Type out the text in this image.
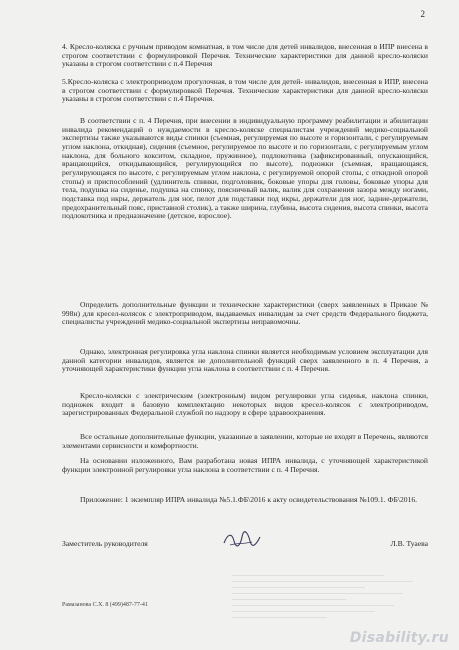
2
4. Кресло-коляска с ручным приводом комнатная, в том числе для детей инвалидов, внесенная в ИПР внесена в строгом соответствии с формулировкой Перечня. Технические характеристики для данной кресло-коляски указаны в строгом соответствии с п.4 Перечня
5.Кресло-коляска с электроприводом прогулочная, в том числе для детей- инвалидов, внесенная в ИПР, внесена в строгом соответствии с формулировкой Перечня. Технические характеристики для данной кресло-коляски указаны в строгом соответствии с п.4 Перечня.
В соответствии с п. 4 Перечня, при внесении в индивидуальную программу реабилитации и абилитации инвалида рекомендаций о нуждаемости в кресло-коляске специалистам учреждений медико-социальной экспертизы также указываются виды спинки (съемная, регулируемая по высоте и горизонтали, с регулируемым углом наклона, откидная), сидения (съемное, регулируемое по высоте и по горизонтали, с регулируемым углом наклона, для больного кокситом, складное, пружинное), подлокотника (зафиксированный, опускающийся, вращающийся, откидывающийся, регулирующийся по высоте), подножки (съемная, вращающаяся, регулирующаяся по высоте, с регулируемым углом наклона, с регулируемой опорой стопы, с откидной опорой стопы) и приспособлений (удлинитель спинки, подголовник, боковые упоры для головы, боковые упоры для тела, подушка на сиденье, подушка на спинку, поясничный валик, валик для сохранения зазора между ногами, подставка под икры, держатель для ног, пелот для подставки под икры, держатели для ног, задние-держатели, предохранительный пояс, приставной столик), а также ширина, глубина, высота сидения, высота спинки, высота подлокотника и предназначение (детское, взрослое).
Определить дополнительные функции и технические характеристики (сверх заявленных в Приказе № 998н) для кресел-колясок с электроприводом, выдаваемых инвалидам за счет средств Федерального бюджета, специалисты учреждений медико-социальной экспертизы неправомочны.
Однако, электронная регулировка угла наклона спинки является необходимым условием эксплуатации для данной категории инвалидов, является не дополнительной функций сверх заявленного в п. 4 Перечня, а уточняющей характеристики функции угла наклона в соответствии с п. 4 Перечня.
Кресло-коляски с электрическим (электронным) видом регулировки угла сиденья, наклона спинки, подножек входит в базовую комплектацию некоторых видов кресел-колясок с электроприводом, зарегистрированных Федеральной службой по надзору в сфере здравоохранения.
Все остальные дополнительные функции, указанные в заявлении, которые не входят в Перечень, являются элементами сервисности и комфортности.
На основании изложенного, Вам разработана новая ИПРА инвалида, с уточняющей характеристикой функции электроиной регулировки угла наклона в соответствии с п. 4 Перечня.
Приложение: 1 экземпляр ИПРА инвалида №5.1.ФБ\2016 к акту освидетельствования №109.1. ФБ\2016.
Заместитель руководителя	Л.В. Туаева
Рамазанова С.Х. 8 (499)487-77-41
Disability.ru
